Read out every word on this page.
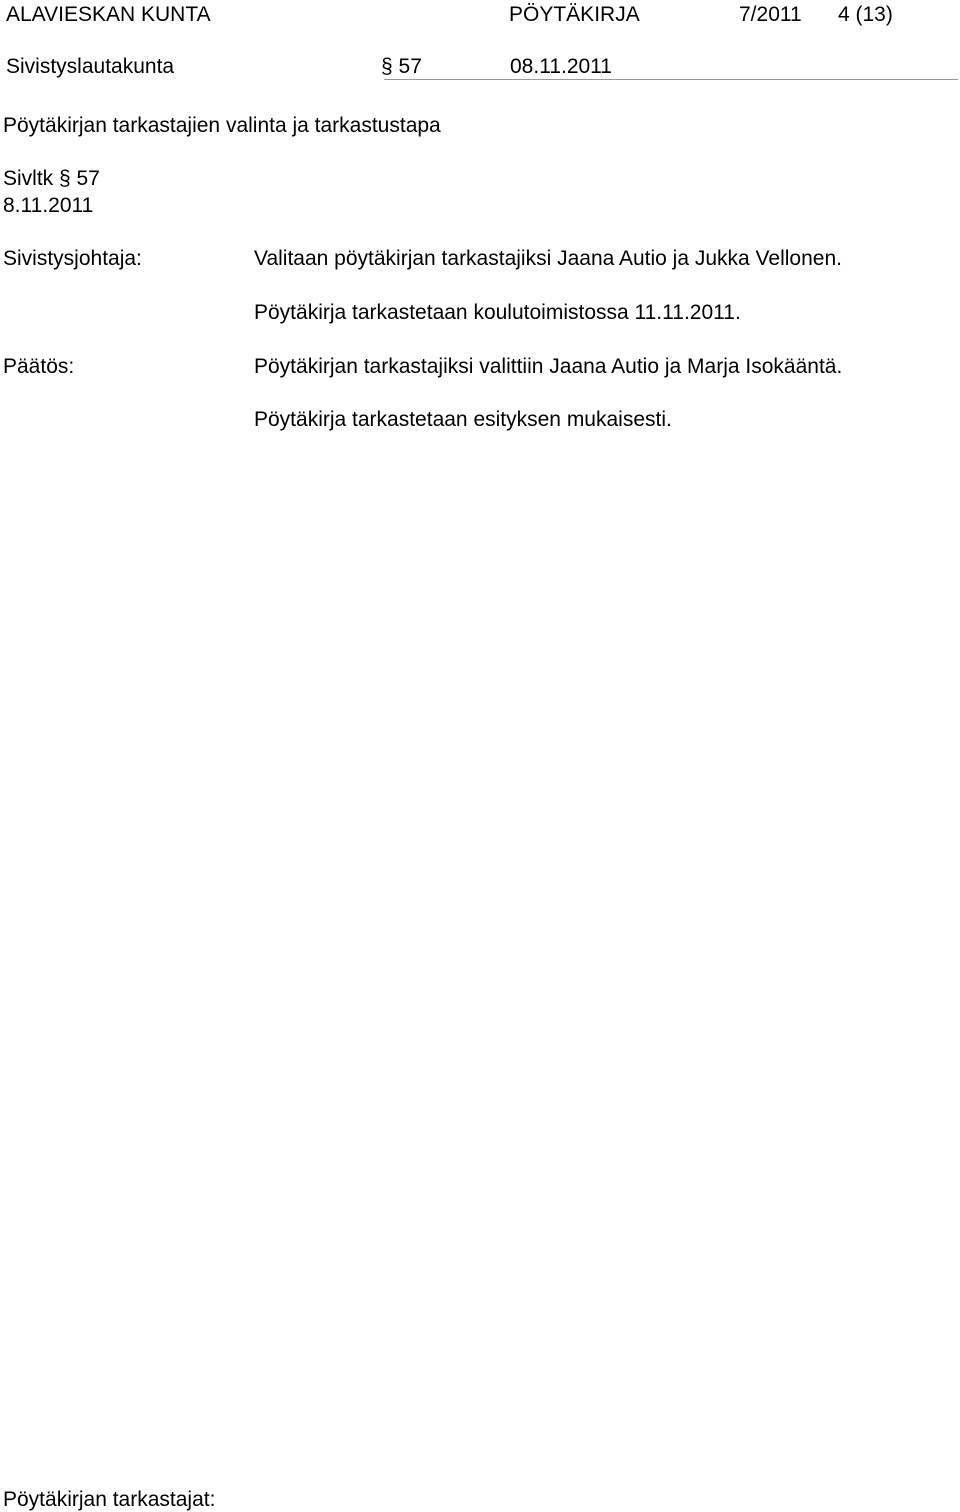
ALAVIESKAN KUNTA	PÖYTÄKIRJA	7/2011 4 (13)
Sivistyslautakunta	§ 57	08.11.2011
Pöytäkirjan tarkastajien valinta ja tarkastustapa
Sivltk § 57
8.11.2011
Sivistysjohtaja:	Valitaan pöytäkirjan tarkastajiksi Jaana Autio ja Jukka Vellonen.
Pöytäkirja tarkastetaan koulutoimistossa 11.11.2011.
Päätös:	Pöytäkirjan tarkastajiksi valittiin Jaana Autio ja Marja Isokääntä.
Pöytäkirja tarkastetaan esityksen mukaisesti.
Pöytäkirjan tarkastajat:
